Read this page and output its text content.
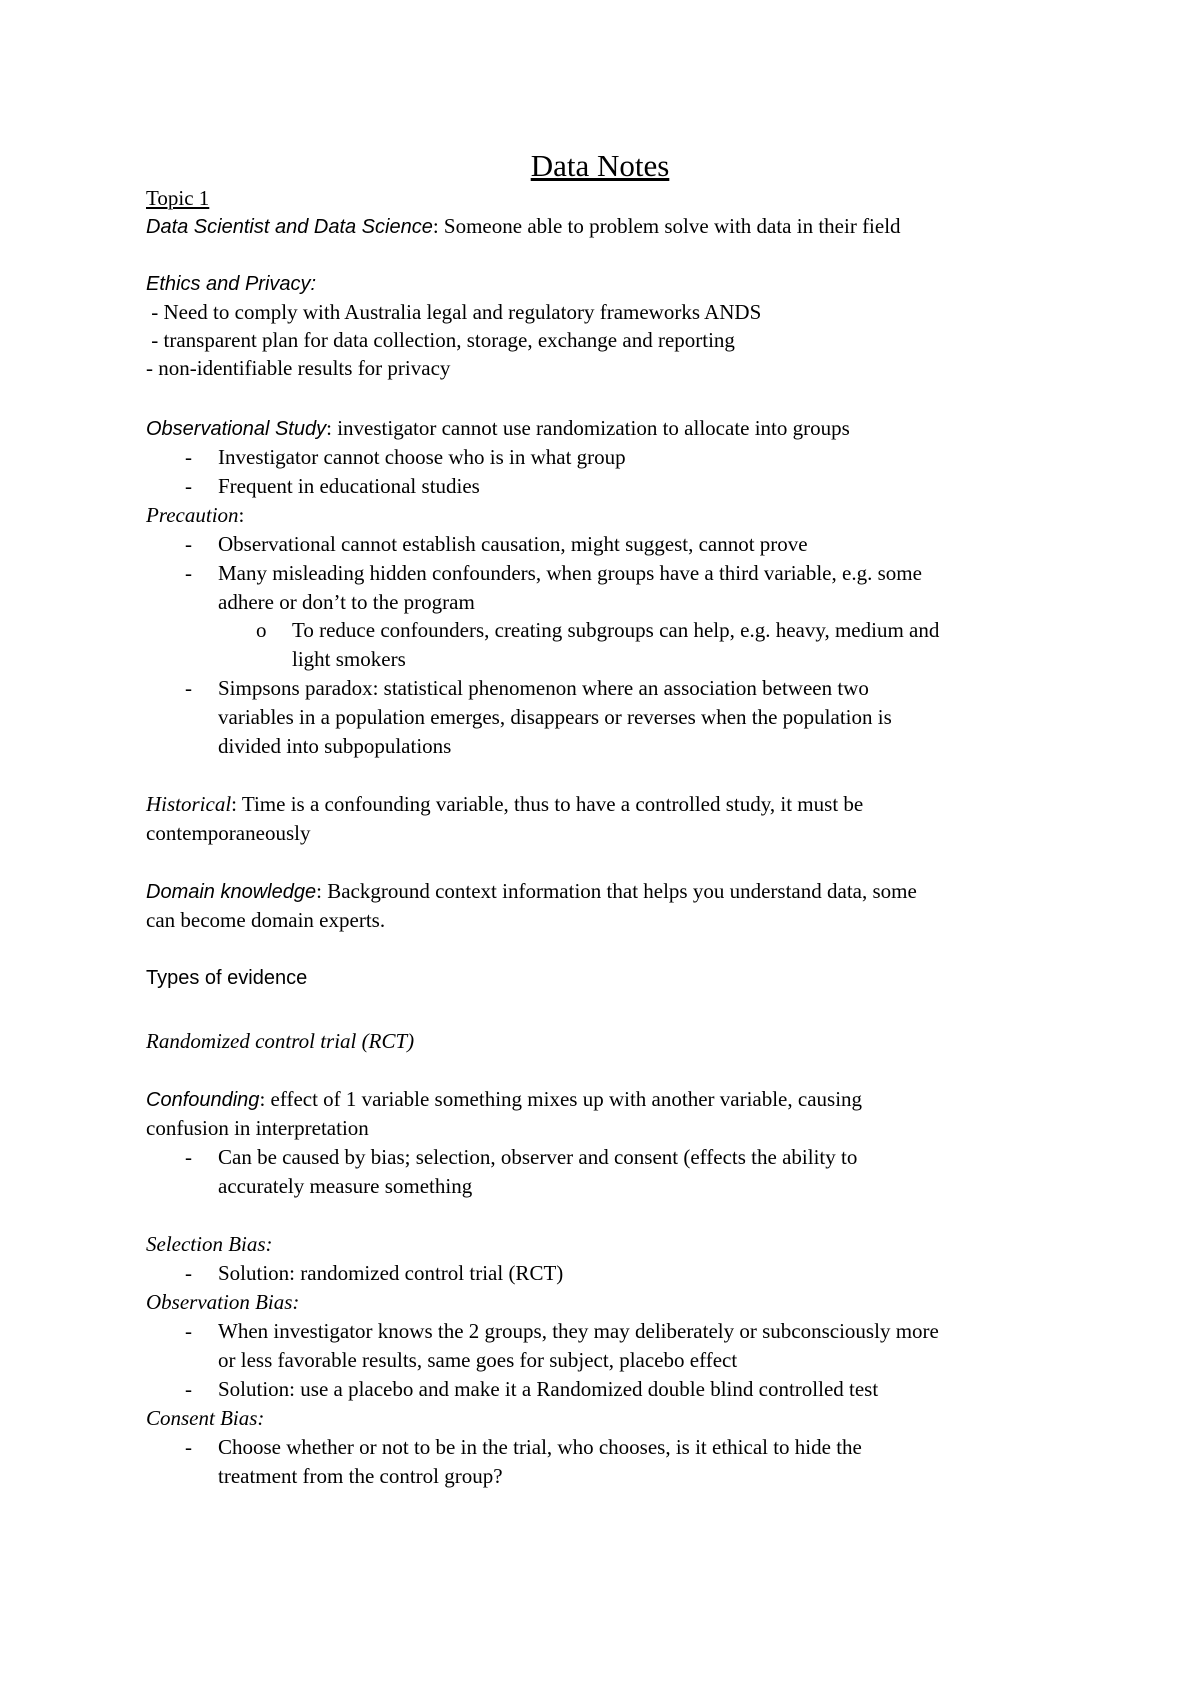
Data Notes
Topic 1
Data Scientist and Data Science: Someone able to problem solve with data in their field
Ethics and Privacy:
- Need to comply with Australia legal and regulatory frameworks ANDS
- transparent plan for data collection, storage, exchange and reporting
- non-identifiable results for privacy
Observational Study: investigator cannot use randomization to allocate into groups
- Investigator cannot choose who is in what group
- Frequent in educational studies
Precaution:
- Observational cannot establish causation, might suggest, cannot prove
- Many misleading hidden confounders, when groups have a third variable, e.g. some
adhere or don’t to the program
o To reduce confounders, creating subgroups can help, e.g. heavy, medium and
light smokers
- Simpsons paradox: statistical phenomenon where an association between two
variables in a population emerges, disappears or reverses when the population is
divided into subpopulations
Historical: Time is a confounding variable, thus to have a controlled study, it must be
contemporaneously
Domain knowledge: Background context information that helps you understand data, some
can become domain experts.
Types of evidence
Randomized control trial (RCT)
Confounding: effect of 1 variable something mixes up with another variable, causing
confusion in interpretation
- Can be caused by bias; selection, observer and consent (effects the ability to
accurately measure something
Selection Bias:
- Solution: randomized control trial (RCT)
Observation Bias:
- When investigator knows the 2 groups, they may deliberately or subconsciously more
or less favorable results, same goes for subject, placebo effect
- Solution: use a placebo and make it a Randomized double blind controlled test
Consent Bias:
- Choose whether or not to be in the trial, who chooses, is it ethical to hide the
treatment from the control group?
